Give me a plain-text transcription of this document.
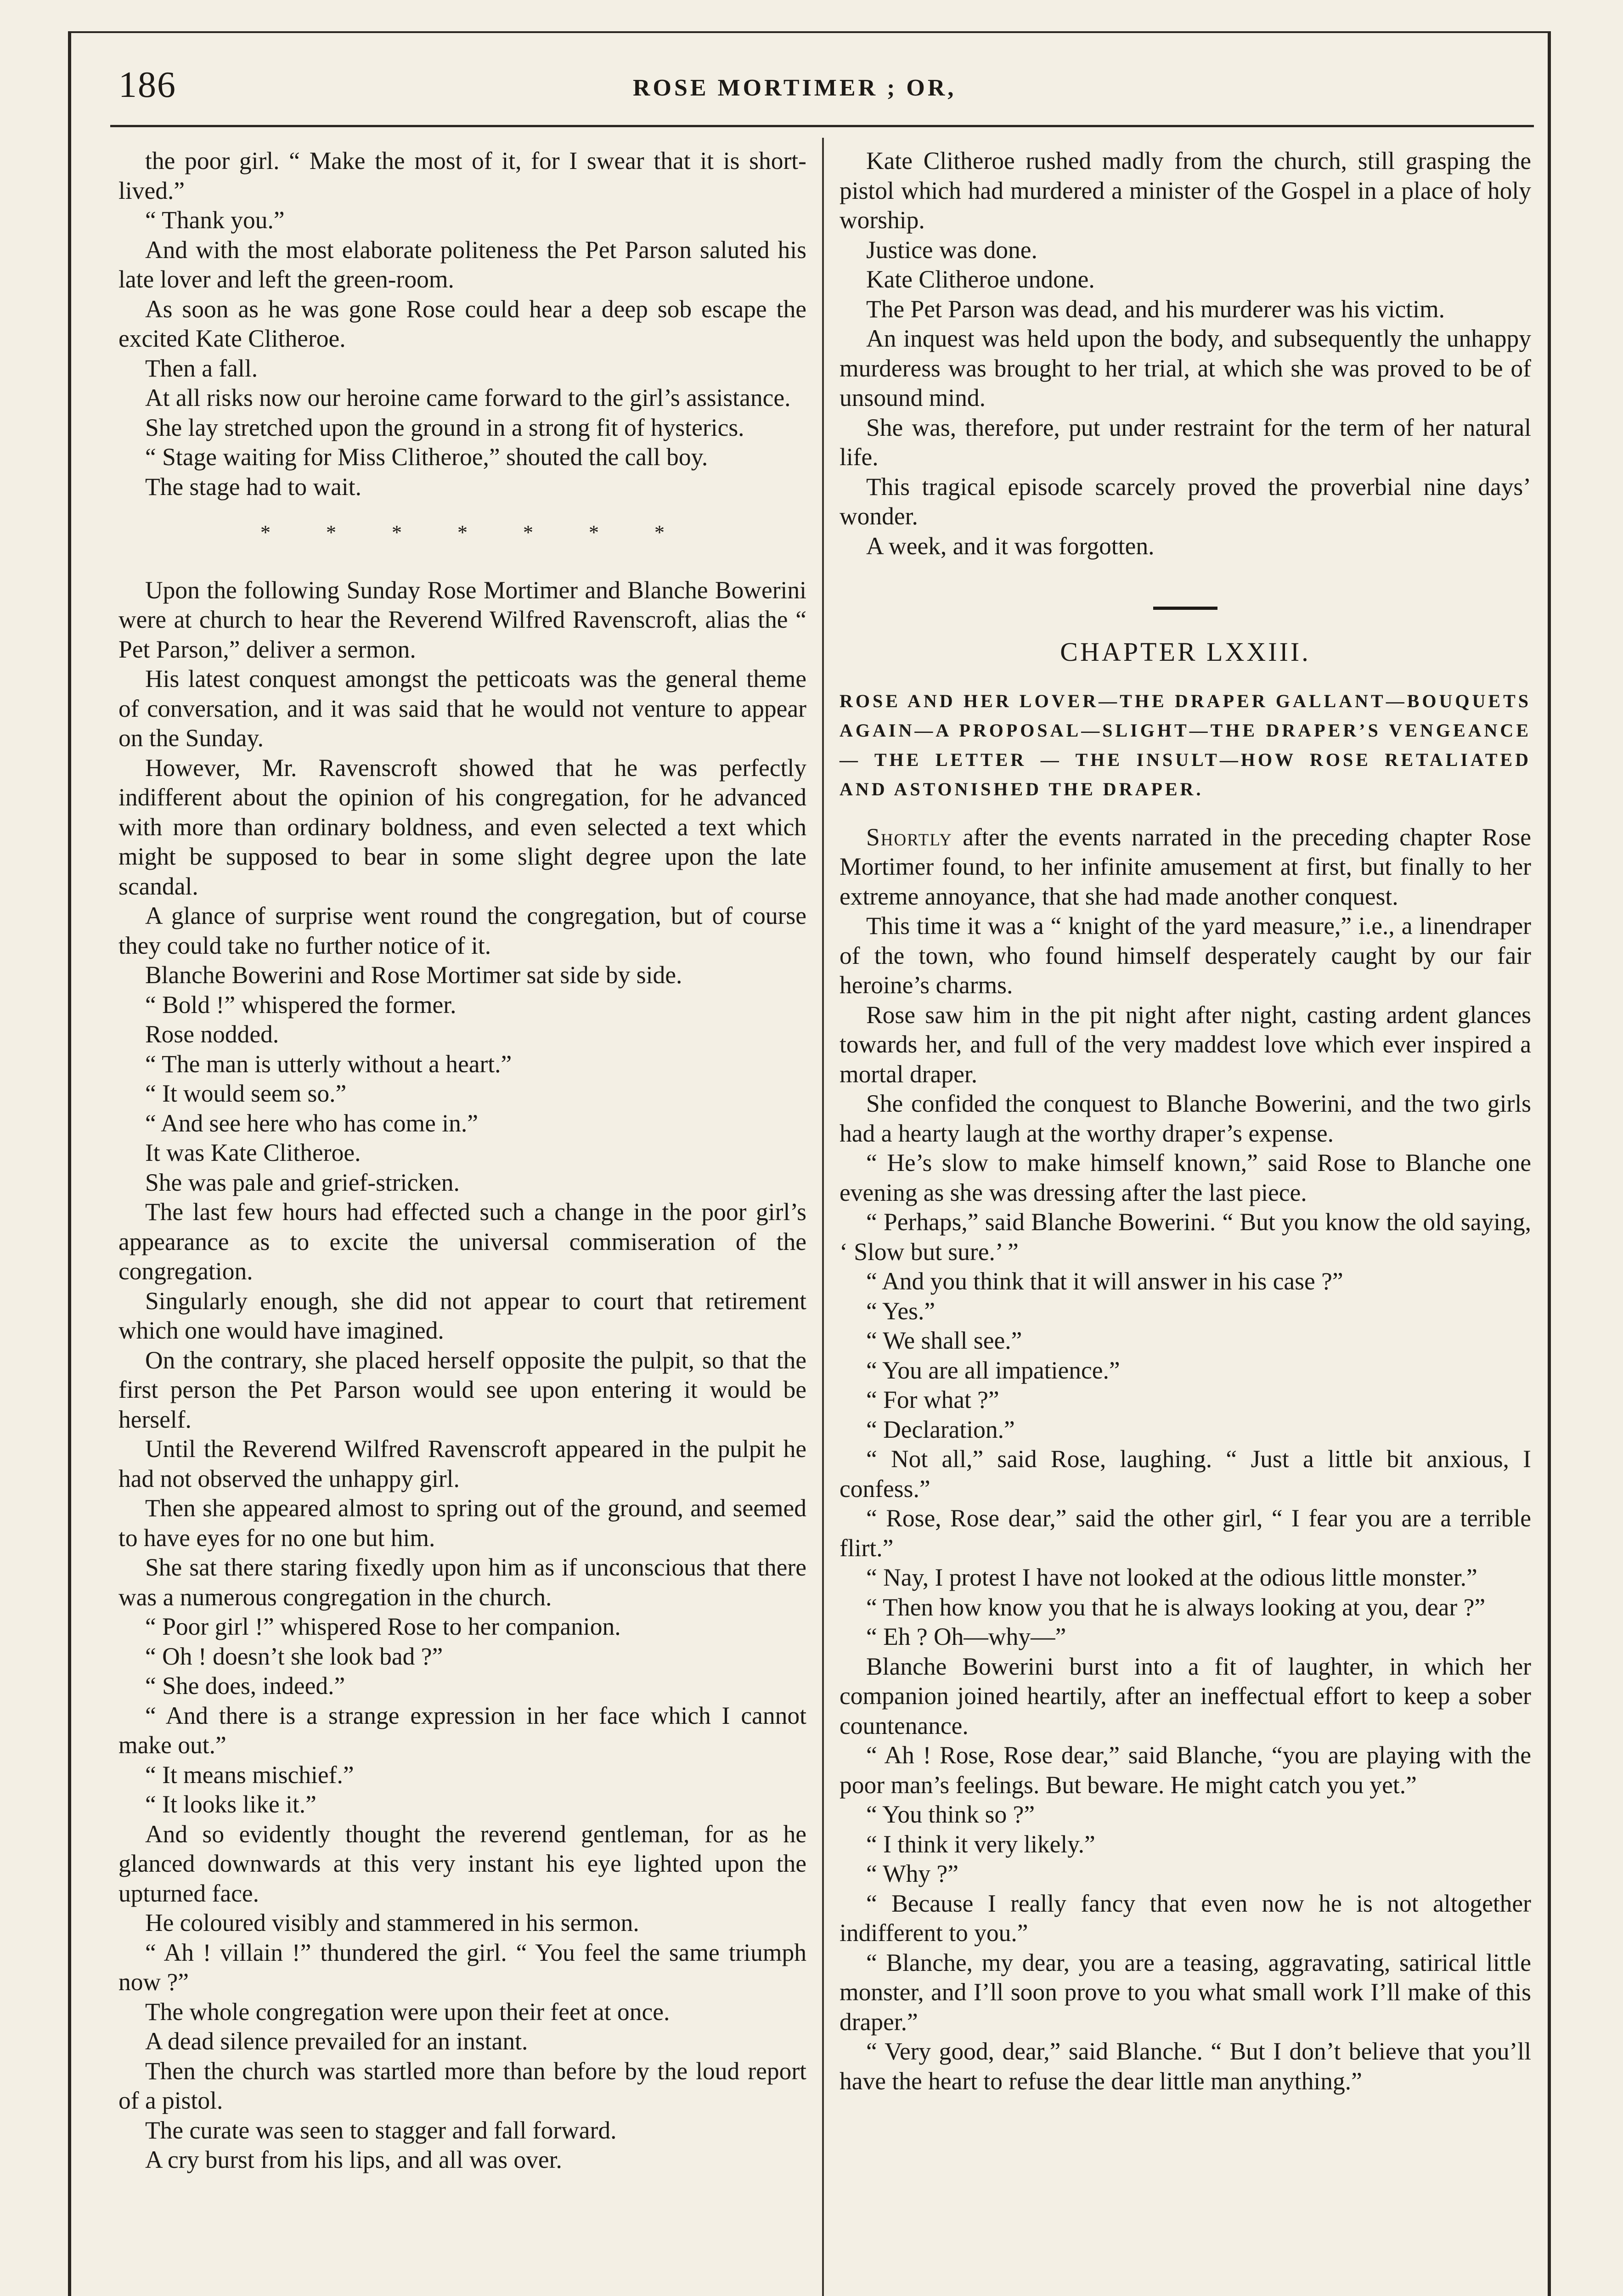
186	ROSE MORTIMER ; OR,

the poor girl. “ Make the most of it, for I swear that it is short-lived.”

“ Thank you.”

And with the most elaborate politeness the Pet Parson saluted his late lover and left the green-room.

As soon as he was gone Rose could hear a deep sob escape the excited Kate Clitheroe.

Then a fall.

At all risks now our heroine came forward to the girl’s assistance.

She lay stretched upon the ground in a strong fit of hysterics.

“ Stage waiting for Miss Clitheroe,” shouted the call boy.

The stage had to wait.

* * * * * * *

Upon the following Sunday Rose Mortimer and Blanche Bowerini were at church to hear the Reverend Wilfred Ravenscroft, alias the “ Pet Parson,” deliver a sermon.

His latest conquest amongst the petticoats was the general theme of conversation, and it was said that he would not venture to appear on the Sunday.

However, Mr. Ravenscroft showed that he was perfectly indifferent about the opinion of his congregation, for he advanced with more than ordinary boldness, and even selected a text which might be supposed to bear in some slight degree upon the late scandal.

A glance of surprise went round the congregation, but of course they could take no further notice of it.

Blanche Bowerini and Rose Mortimer sat side by side.

“ Bold !” whispered the former.

Rose nodded.

“ The man is utterly without a heart.”

“ It would seem so.”

“ And see here who has come in.”

It was Kate Clitheroe.

She was pale and grief-stricken.

The last few hours had effected such a change in the poor girl’s appearance as to excite the universal commiseration of the congregation.

Singularly enough, she did not appear to court that retirement which one would have imagined.

On the contrary, she placed herself opposite the pulpit, so that the first person the Pet Parson would see upon entering it would be herself.

Until the Reverend Wilfred Ravenscroft appeared in the pulpit he had not observed the unhappy girl.

Then she appeared almost to spring out of the ground, and seemed to have eyes for no one but him.

She sat there staring fixedly upon him as if unconscious that there was a numerous congregation in the church.

“ Poor girl !” whispered Rose to her companion.

“ Oh ! doesn’t she look bad ?”

“ She does, indeed.”

“ And there is a strange expression in her face which I cannot make out.”

“ It means mischief.”

“ It looks like it.”

And so evidently thought the reverend gentleman, for as he glanced downwards at this very instant his eye lighted upon the upturned face.

He coloured visibly and stammered in his sermon.

“ Ah ! villain !” thundered the girl. “ You feel the same triumph now ?”

The whole congregation were upon their feet at once.

A dead silence prevailed for an instant.

Then the church was startled more than before by the loud report of a pistol.

The curate was seen to stagger and fall forward.

A cry burst from his lips, and all was over.

Kate Clitheroe rushed madly from the church, still grasping the pistol which had murdered a minister of the Gospel in a place of holy worship.

Justice was done.

Kate Clitheroe undone.

The Pet Parson was dead, and his murderer was his victim.

An inquest was held upon the body, and subsequently the unhappy murderess was brought to her trial, at which she was proved to be of unsound mind.

She was, therefore, put under restraint for the term of her natural life.

This tragical episode scarcely proved the proverbial nine days’ wonder.

A week, and it was forgotten.

CHAPTER LXXIII.
ROSE AND HER LOVER—THE DRAPER GALLANT—BOUQUETS AGAIN—A PROPOSAL—SLIGHT—THE DRAPER’S VENGEANCE — THE LETTER — THE INSULT—HOW ROSE RETALIATED AND ASTONISHED THE DRAPER.

Shortly after the events narrated in the preceding chapter Rose Mortimer found, to her infinite amusement at first, but finally to her extreme annoyance, that she had made another conquest.

This time it was a “ knight of the yard measure,” i.e., a linendraper of the town, who found himself desperately caught by our fair heroine’s charms.

Rose saw him in the pit night after night, casting ardent glances towards her, and full of the very maddest love which ever inspired a mortal draper.

She confided the conquest to Blanche Bowerini, and the two girls had a hearty laugh at the worthy draper’s expense.

“ He’s slow to make himself known,” said Rose to Blanche one evening as she was dressing after the last piece.

“ Perhaps,” said Blanche Bowerini. “ But you know the old saying, ‘ Slow but sure.’ ”

“ And you think that it will answer in his case ?”

“ Yes.”

“ We shall see.”

“ You are all impatience.”

“ For what ?”

“ Declaration.”

“ Not all,” said Rose, laughing. “ Just a little bit anxious, I confess.”

“ Rose, Rose dear,” said the other girl, “ I fear you are a terrible flirt.”

“ Nay, I protest I have not looked at the odious little monster.”

“ Then how know you that he is always looking at you, dear ?”

“ Eh ? Oh—why—”

Blanche Bowerini burst into a fit of laughter, in which her companion joined heartily, after an ineffectual effort to keep a sober countenance.

“ Ah ! Rose, Rose dear,” said Blanche, “you are playing with the poor man’s feelings. But beware. He might catch you yet.”

“ You think so ?”

“ I think it very likely.”

“ Why ?”

“ Because I really fancy that even now he is not altogether indifferent to you.”

“ Blanche, my dear, you are a teasing, aggravating, satirical little monster, and I’ll soon prove to you what small work I’ll make of this draper.”

“ Very good, dear,” said Blanche. “ But I don’t believe that you’ll have the heart to refuse the dear little man anything.”
